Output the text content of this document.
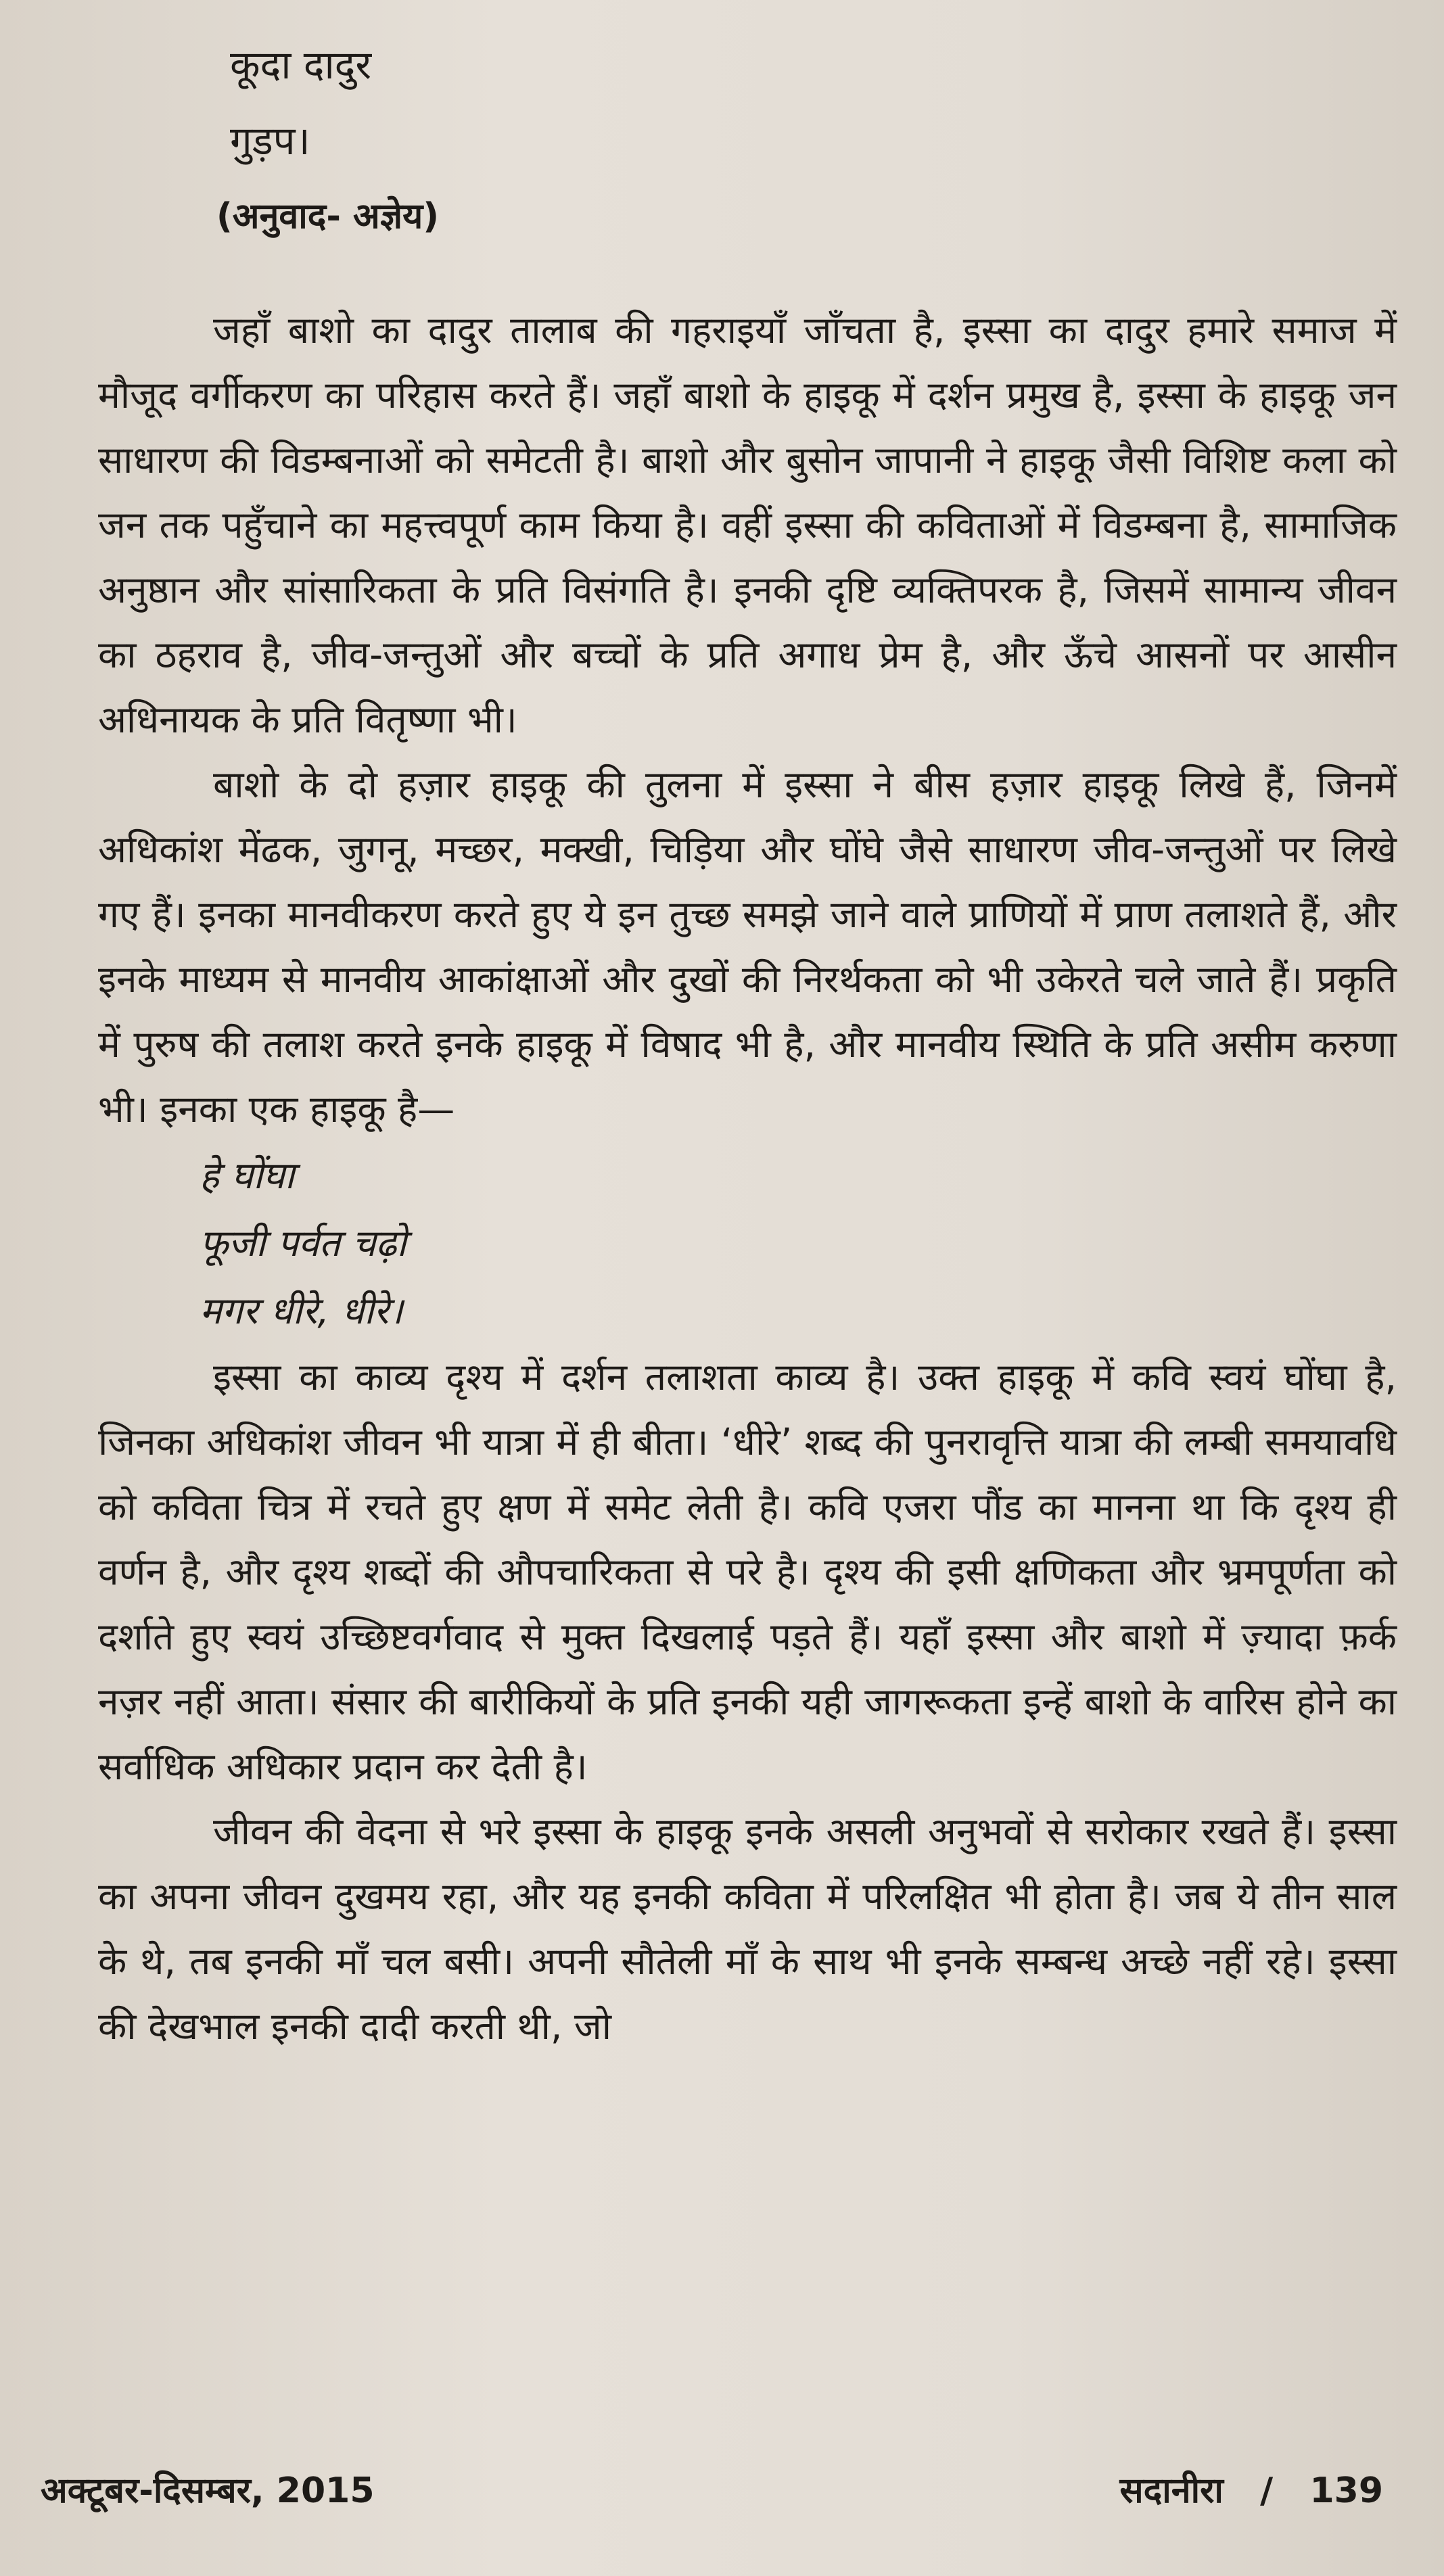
कूदा दादुर
गुड़प।
(अनुवाद- अज्ञेय)

जहाँ बाशो का दादुर तालाब की गहराइयाँ जाँचता है, इस्सा का दादुर हमारे समाज में मौजूद वर्गीकरण का परिहास करते हैं। जहाँ बाशो के हाइकू में दर्शन प्रमुख है, इस्सा के हाइकू जन साधारण की विडम्बनाओं को समेटती है। बाशो और बुसोन जापानी ने हाइकू जैसी विशिष्ट कला को जन तक पहुँचाने का महत्त्वपूर्ण काम किया है। वहीं इस्सा की कविताओं में विडम्बना है, सामाजिक अनुष्ठान और सांसारिकता के प्रति विसंगति है। इनकी दृष्टि व्यक्तिपरक है, जिसमें सामान्य जीवन का ठहराव है, जीव-जन्तुओं और बच्चों के प्रति अगाध प्रेम है, और ऊँचे आसनों पर आसीन अधिनायक के प्रति वितृष्णा भी।

बाशो के दो हज़ार हाइकू की तुलना में इस्सा ने बीस हज़ार हाइकू लिखे हैं, जिनमें अधिकांश मेंढक, जुगनू, मच्छर, मक्खी, चिड़िया और घोंघे जैसे साधारण जीव-जन्तुओं पर लिखे गए हैं। इनका मानवीकरण करते हुए ये इन तुच्छ समझे जाने वाले प्राणियों में प्राण तलाशते हैं, और इनके माध्यम से मानवीय आकांक्षाओं और दुखों की निरर्थकता को भी उकेरते चले जाते हैं। प्रकृति में पुरुष की तलाश करते इनके हाइकू में विषाद भी है, और मानवीय स्थिति के प्रति असीम करुणा भी। इनका एक हाइकू है—

हे घोंघा
फूजी पर्वत चढ़ो
मगर धीरे, धीरे।

इस्सा का काव्य दृश्य में दर्शन तलाशता काव्य है। उक्त हाइकू में कवि स्वयं घोंघा है, जिनका अधिकांश जीवन भी यात्रा में ही बीता। ‘धीरे’ शब्द की पुनरावृत्ति यात्रा की लम्बी समयावधि को कविता चित्र में रचते हुए क्षण में समेट लेती है। कवि एजरा पौंड का मानना था कि दृश्य ही वर्णन है, और दृश्य शब्दों की औपचारिकता से परे है। दृश्य की इसी क्षणिकता और भ्रमपूर्णता को दर्शाते हुए स्वयं उच्छिष्टवर्गवाद से मुक्त दिखलाई पड़ते हैं। यहाँ इस्सा और बाशो में ज़्यादा फ़र्क नज़र नहीं आता। संसार की बारीकियों के प्रति इनकी यही जागरूकता इन्हें बाशो के वारिस होने का सर्वाधिक अधिकार प्रदान कर देती है।

जीवन की वेदना से भरे इस्सा के हाइकू इनके असली अनुभवों से सरोकार रखते हैं। इस्सा का अपना जीवन दुखमय रहा, और यह इनकी कविता में परिलक्षित भी होता है। जब ये तीन साल के थे, तब इनकी माँ चल बसी। अपनी सौतेली माँ के साथ भी इनके सम्बन्ध अच्छे नहीं रहे। इस्सा की देखभाल इनकी दादी करती थी, जो

अक्टूबर-दिसम्बर, 2015	सदानीरा / 139
